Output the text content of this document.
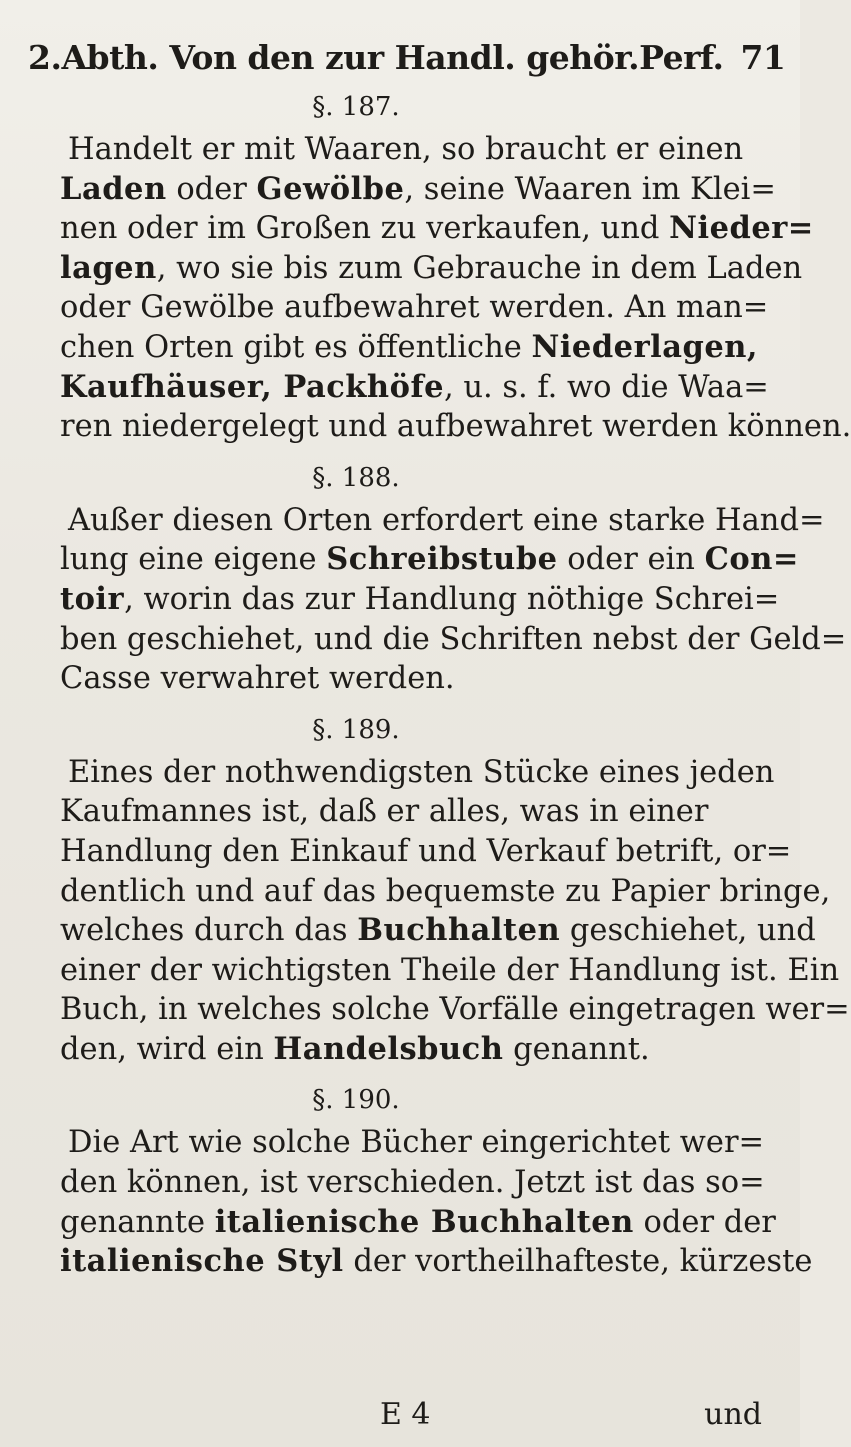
2.Abth. Von den zur Handl. gehör.Perf. 71
§. 187.
Handelt er mit Waaren, so braucht er einen
Laden oder Gewölbe, seine Waaren im Klei=
nen oder im Großen zu verkaufen, und Nieder=
lagen, wo sie bis zum Gebrauche in dem Laden
oder Gewölbe aufbewahret werden. An man=
chen Orten gibt es öffentliche Niederlagen,
Kaufhäuser, Packhöfe, u. s. f. wo die Waa=
ren niedergelegt und aufbewahret werden können.
§. 188.
Außer diesen Orten erfordert eine starke Hand=
lung eine eigene Schreibstube oder ein Con=
toir, worin das zur Handlung nöthige Schrei=
ben geschiehet, und die Schriften nebst der Geld=
Casse verwahret werden.
§. 189.
Eines der nothwendigsten Stücke eines jeden
Kaufmannes ist, daß er alles, was in einer
Handlung den Einkauf und Verkauf betrift, or=
dentlich und auf das bequemste zu Papier bringe,
welches durch das Buchhalten geschiehet, und
einer der wichtigsten Theile der Handlung ist. Ein
Buch, in welches solche Vorfälle eingetragen wer=
den, wird ein Handelsbuch genannt.
§. 190.
Die Art wie solche Bücher eingerichtet wer=
den können, ist verschieden. Jetzt ist das so=
genannte italienische Buchhalten oder der
italienische Styl der vortheilhafteste, kürzeste
E 4	und
